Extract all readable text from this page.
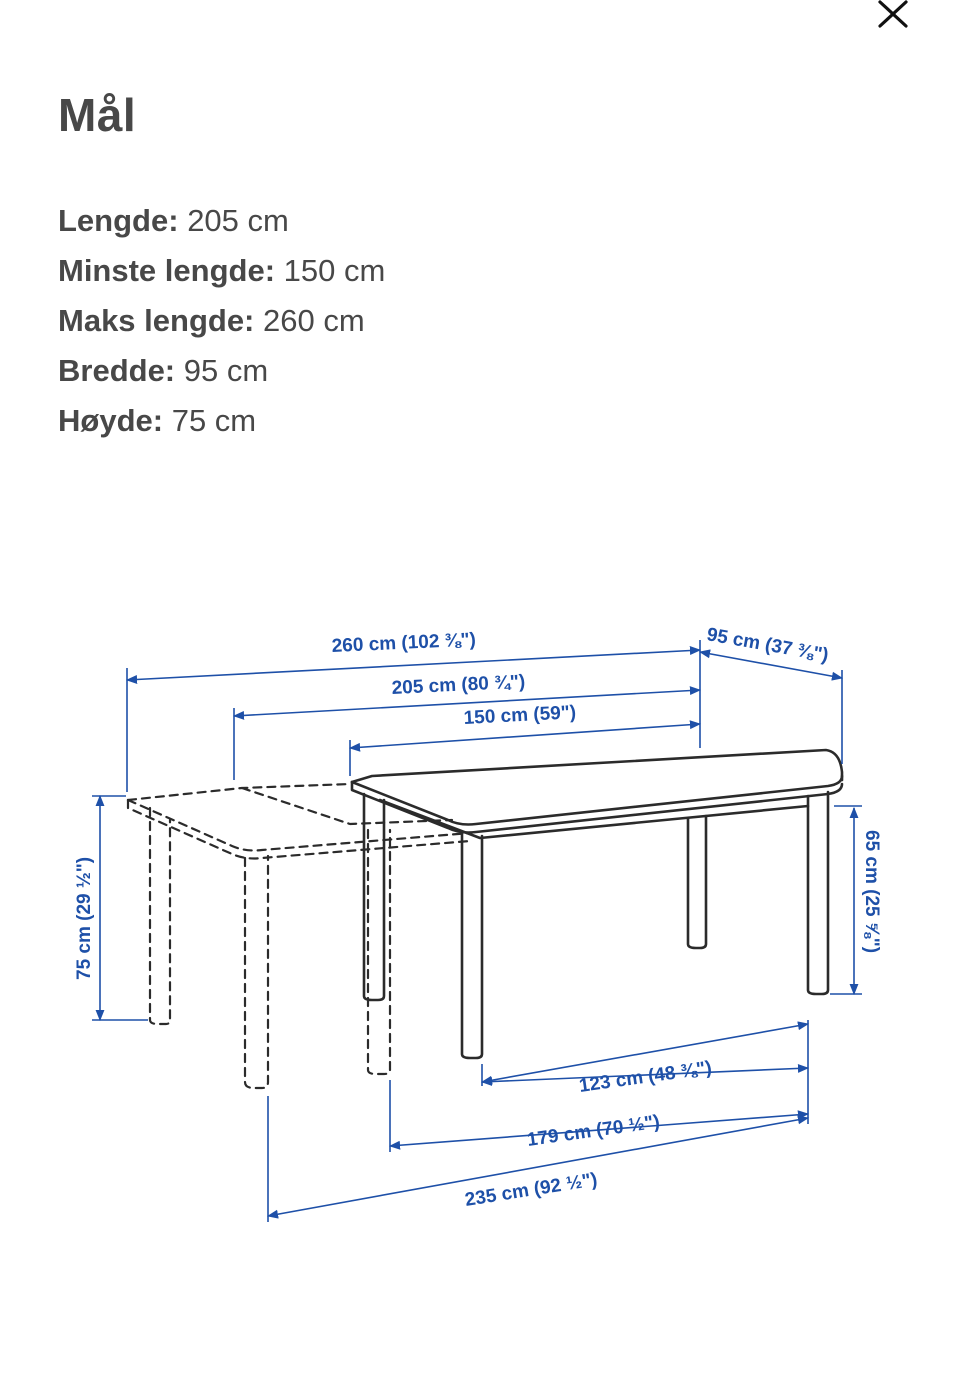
Mål
Lengde: 205 cm
Minste lengde: 150 cm
Maks lengde: 260 cm
Bredde: 95 cm
Høyde: 75 cm
260 cm (102 ⅜")	95 cm (37 ⅜")
205 cm (80 ¾")
150 cm (59")
75 cm (29 ½")	65 cm (25 ⅝")
123 cm (48 ⅜")
179 cm (70 ½")
235 cm (92 ½")
